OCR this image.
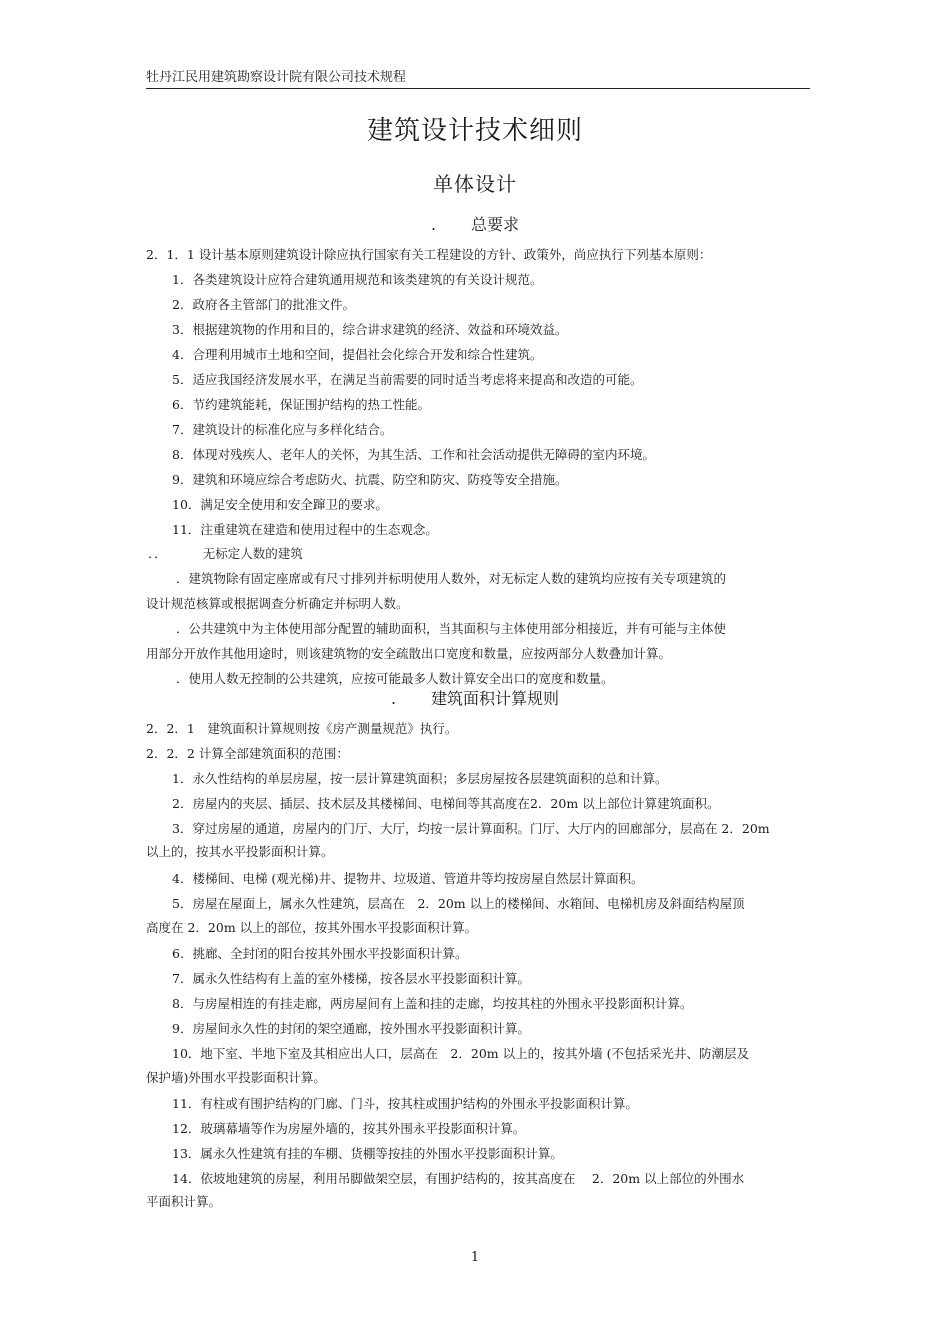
牡丹江民用建筑勘察设计院有限公司技术规程
建筑设计技术细则
单体设计
. 总要求
2．1．1 设计基本原则建筑设计除应执行国家有关工程建设的方针、政策外，尚应执行下列基本原则：
1．各类建筑设计应符合建筑通用规范和该类建筑的有关设计规范。
2．政府各主管部门的批准文件。
3．根据建筑物的作用和目的，综合讲求建筑的经济、效益和环境效益。
4．合理利用城市土地和空间，提倡社会化综合开发和综合性建筑。
5．适应我国经济发展水平，在满足当前需要的同时适当考虑将来提高和改造的可能。
6．节约建筑能耗，保证围护结构的热工性能。
7．建筑设计的标准化应与多样化结合。
8．体现对残疾人、老年人的关怀，为其生活、工作和社会活动提供无障碍的室内环境。
9．建筑和环境应综合考虑防火、抗震、防空和防灾、防疫等安全措施。
10．满足安全使用和安全蹿卫的要求。
11．注重建筑在建造和使用过程中的生态观念。
．．	无标定人数的建筑
．建筑物除有固定座席或有尺寸排列并标明使用人数外，对无标定人数的建筑均应按有关专项建筑的
设计规范核算或根据调查分析确定并标明人数。
．公共建筑中为主体使用部分配置的辅助面积，当其面积与主体使用部分相接近，并有可能与主体使
用部分开放作其他用途时，则该建筑物的安全疏散出口宽度和数量，应按两部分人数叠加计算。
．使用人数无控制的公共建筑，应按可能最多人数计算安全出口的宽度和数量。
. 建筑面积计算规则
2．2．1　建筑面积计算规则按《房产测量规范》执行。
2．2．2 计算全部建筑面积的范围：
1．永久性结构的单层房屋，按一层计算建筑面积；多层房屋按各层建筑面积的总和计算。
2．房屋内的夹层、插层、技术层及其楼梯间、电梯间等其高度在2．20m 以上部位计算建筑面积。
3．穿过房屋的通道，房屋内的门厅、大厅，均按一层计算面积。门厅、大厅内的回廊部分，层高在 2．20m
以上的，按其水平投影面积计算。
4．楼梯间、电梯 (观光梯)井、提物井、垃圾道、管道井等均按房屋自然层计算面积。
5．房屋在屋面上，属永久性建筑，层高在　2．20m 以上的楼梯间、水箱间、电梯机房及斜面结构屋顶
高度在 2．20m 以上的部位，按其外围水平投影面积计算。
6．挑廊、全封闭的阳台按其外围水平投影面积计算。
7．属永久性结构有上盖的室外楼梯，按各层水平投影面积计算。
8．与房屋相连的有挂走廊，两房屋间有上盖和挂的走廊，均按其柱的外围永平投影面积计算。
9．房屋间永久性的封闭的架空通廊，按外围水平投影面积计算。
10．地下室、半地下室及其相应出人口，层高在　2．20m 以上的，按其外墙 (不包括采光井、防潮层及
保护墙)外围水平投影面积计算。
11．有柱或有围护结构的门廊、门斗，按其柱或围护结构的外围永平投影面积计算。
12．玻璃幕墙等作为房屋外墙的，按其外围永平投影面积计算。
13．属永久性建筑有挂的车棚、货棚等按挂的外围水平投影面积计算。
14．依坡地建筑的房屋，利用吊脚做架空层，有围护结构的，按其高度在　 2．20m 以上部位的外围水
平面积计算。
1
